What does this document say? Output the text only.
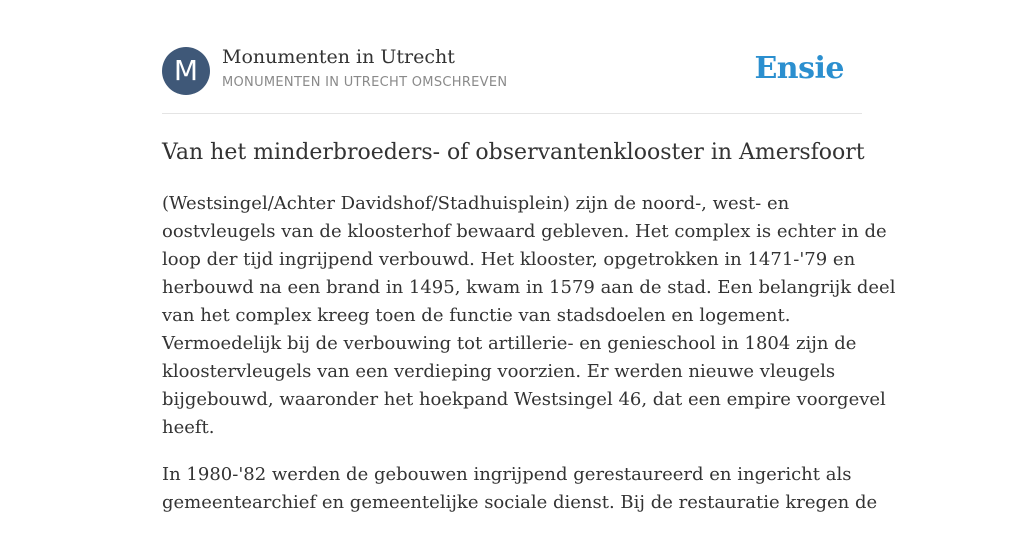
M	Monumenten in Utrecht
MONUMENTEN IN UTRECHT OMSCHREVEN	Ensie
Van het minderbroeders- of observantenklooster in Amersfoort

(Westsingel/Achter Davidshof/Stadhuisplein) zijn de noord-, west- en
oostvleugels van de kloosterhof bewaard gebleven. Het complex is echter in de
loop der tijd ingrijpend verbouwd. Het klooster, opgetrokken in 1471-'79 en
herbouwd na een brand in 1495, kwam in 1579 aan de stad. Een belangrijk deel
van het complex kreeg toen de functie van stadsdoelen en logement.
Vermoedelijk bij de verbouwing tot artillerie- en genieschool in 1804 zijn de
kloostervleugels van een verdieping voorzien. Er werden nieuwe vleugels
bijgebouwd, waaronder het hoekpand Westsingel 46, dat een empire voorgevel
heeft.

In 1980-'82 werden de gebouwen ingrijpend gerestaureerd en ingericht als
gemeentearchief en gemeentelijke sociale dienst. Bij de restauratie kregen de
